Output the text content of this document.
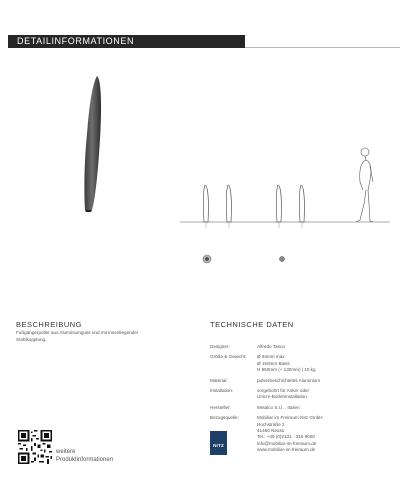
DETAILINFORMATIONEN
BESCHREIBUNG
Fußgängerpoller aus Aluminiumguss und mit innenliegender
Stahlkupplung.
TECHNISCHE DATEN
Designer:	Alfredo Tasca
Größe & Gewicht:	Ø 94mm max
Ø 150mm Basis
H 850mm (+ 130mm) | 10 kg
Material:	pulverbeschichtetes Aluminium
Installation:	vorgebohrt für Anker oder
Unicre-Bodeninstallation
Hersteller:	Metalco S.r.l. , Italien
Bezugsquelle:	Mobiliar im Freiraum Nitz GmbH
Hochstraße 2
41460 Neuss
Tel.: +49 (0)2131 - 316 9000
info@mobiliar-im-freiraum.de
www.mobiliar-im-freiraum.de
NITZ
weitere
Produktinformationen
